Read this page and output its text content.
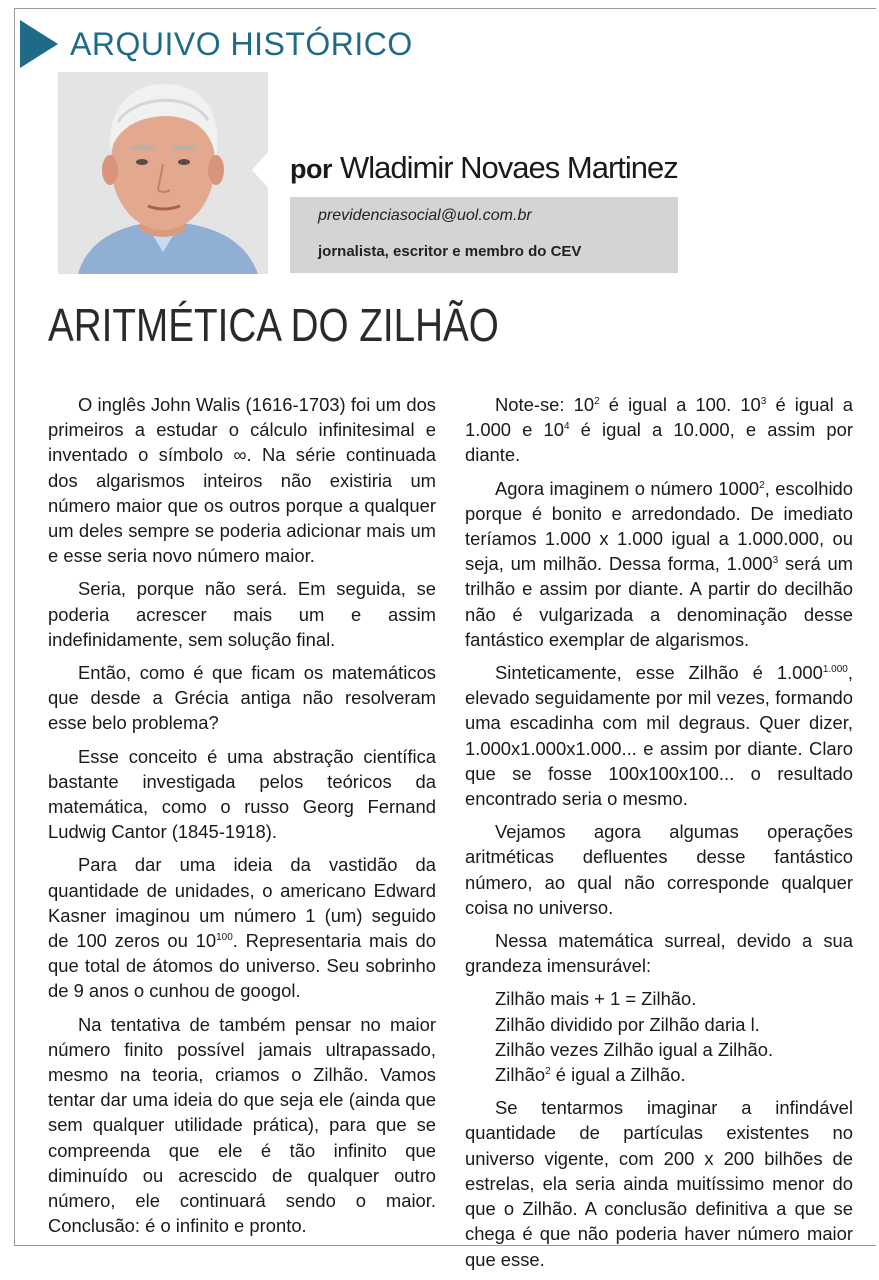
ARQUIVO HISTÓRICO
por Wladimir Novaes Martinez
previdenciasocial@uol.com.br
jornalista, escritor e membro do CEV
ARITMÉTICA DO ZILHÃO

O inglês John Walis (1616-1703) foi um dos primeiros a estudar o cálculo infinitesimal e inventado o símbolo ∞. Na série continuada dos algarismos inteiros não existiria um número maior que os outros porque a qualquer um deles sempre se poderia adicionar mais um e esse seria novo número maior.

Seria, porque não será. Em seguida, se poderia acrescer mais um e assim indefinidamente, sem solução final.

Então, como é que ficam os matemáticos que desde a Grécia antiga não resolveram esse belo problema?

Esse conceito é uma abstração científica bastante investigada pelos teóricos da matemática, como o russo Georg Fernand Ludwig Cantor (1845-1918).

Para dar uma ideia da vastidão da quantidade de unidades, o americano Edward Kasner imaginou um número 1 (um) seguido de 100 zeros ou $10^{100}$. Representaria mais do que total de átomos do universo. Seu sobrinho de 9 anos o cunhou de googol.

Na tentativa de também pensar no maior número finito possível jamais ultrapassado, mesmo na teoria, criamos o Zilhão. Vamos tentar dar uma ideia do que seja ele (ainda que sem qualquer utilidade prática), para que se compreenda que ele é tão infinito que diminuído ou acrescido de qualquer outro número, ele continuará sendo o maior. Conclusão: é o infinito e pronto.

Note-se: $10^2$ é igual a 100. $10^3$ é igual a 1.000 e $10^4$ é igual a 10.000, e assim por diante.

Agora imaginem o número 1000$^2$, escolhido porque é bonito e arredondado. De imediato teríamos 1.000 x 1.000 igual a 1.000.000, ou seja, um milhão. Dessa forma, 1.000$^3$ será um trilhão e assim por diante. A partir do decilhão não é vulgarizada a denominação desse fantástico exemplar de algarismos.

Sinteticamente, esse Zilhão é $1.000^{1.000}$, elevado seguidamente por mil vezes, formando uma escadinha com mil degraus. Quer dizer, 1.000x1.000x1.000... e assim por diante. Claro que se fosse 100x100x100... o resultado encontrado seria o mesmo.

Vejamos agora algumas operações aritméticas defluentes desse fantástico número, ao qual não corresponde qualquer coisa no universo.

Nessa matemática surreal, devido a sua grandeza imensurável:

Zilhão mais + 1 = Zilhão.

Zilhão dividido por Zilhão daria l.

Zilhão vezes Zilhão igual a Zilhão.

Zilhão$^2$ é igual a Zilhão.

Se tentarmos imaginar a infindável quantidade de partículas existentes no universo vigente, com 200 x 200 bilhões de estrelas, ela seria ainda muitíssimo menor do que o Zilhão. A conclusão definitiva a que se chega é que não poderia haver número maior que esse.
